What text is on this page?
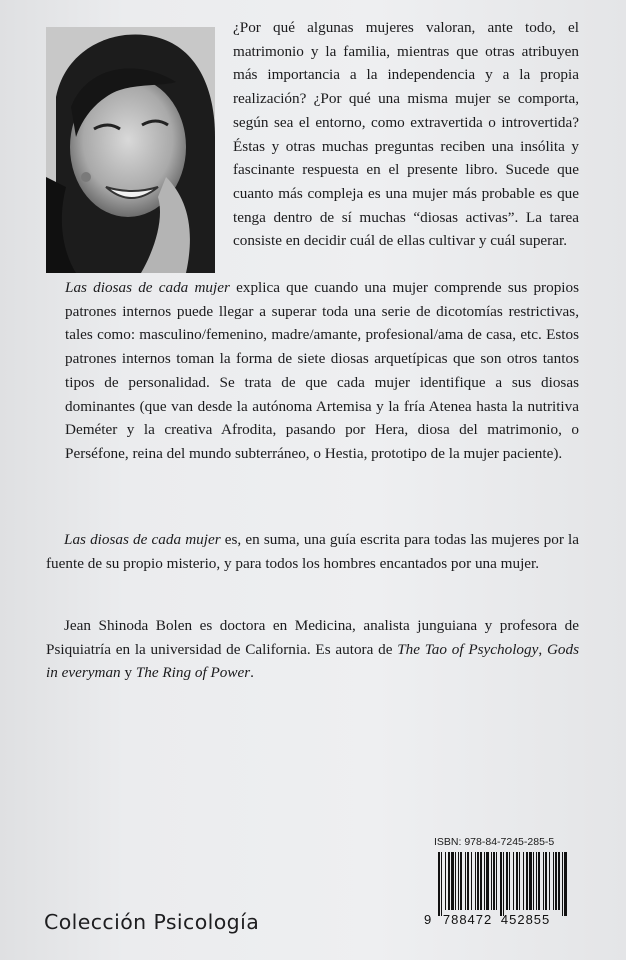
¿Por qué algunas mujeres valoran, ante todo, el matrimonio y la familia, mientras que otras atribuyen más importancia a la independencia y a la propia realización? ¿Por qué una misma mujer se comporta, según sea el entorno, como extravertida o introvertida? Éstas y otras muchas preguntas reciben una insólita y fascinante respuesta en el presente libro. Sucede que cuanto más compleja es una mujer más probable es que tenga dentro de sí muchas “diosas activas”. La tarea consiste en decidir cuál de ellas cultivar y cuál superar.

Las diosas de cada mujer explica que cuando una mujer comprende sus propios patrones internos puede llegar a superar toda una serie de dicotomías restrictivas, tales como: masculino/femenino, madre/amante, profesional/ama de casa, etc. Estos patrones internos toman la forma de siete diosas arquetípicas que son otros tantos tipos de personalidad. Se trata de que cada mujer identifique a sus diosas dominantes (que van desde la autónoma Artemisa y la fría Atenea hasta la nutritiva Deméter y la creativa Afrodita, pasando por Hera, diosa del matrimonio, o Perséfone, reina del mundo subterráneo, o Hestia, prototipo de la mujer paciente).

Las diosas de cada mujer es, en suma, una guía escrita para todas las mujeres por la fuente de su propio misterio, y para todos los hombres encantados por una mujer.

Jean Shinoda Bolen es doctora en Medicina, analista junguiana y profesora de Psiquiatría en la universidad de California. Es autora de The Tao of Psychology, Gods in everyman y The Ring of Power.

Colección Psicología
ISBN: 978-84-7245-285-5
9 788472 452855
